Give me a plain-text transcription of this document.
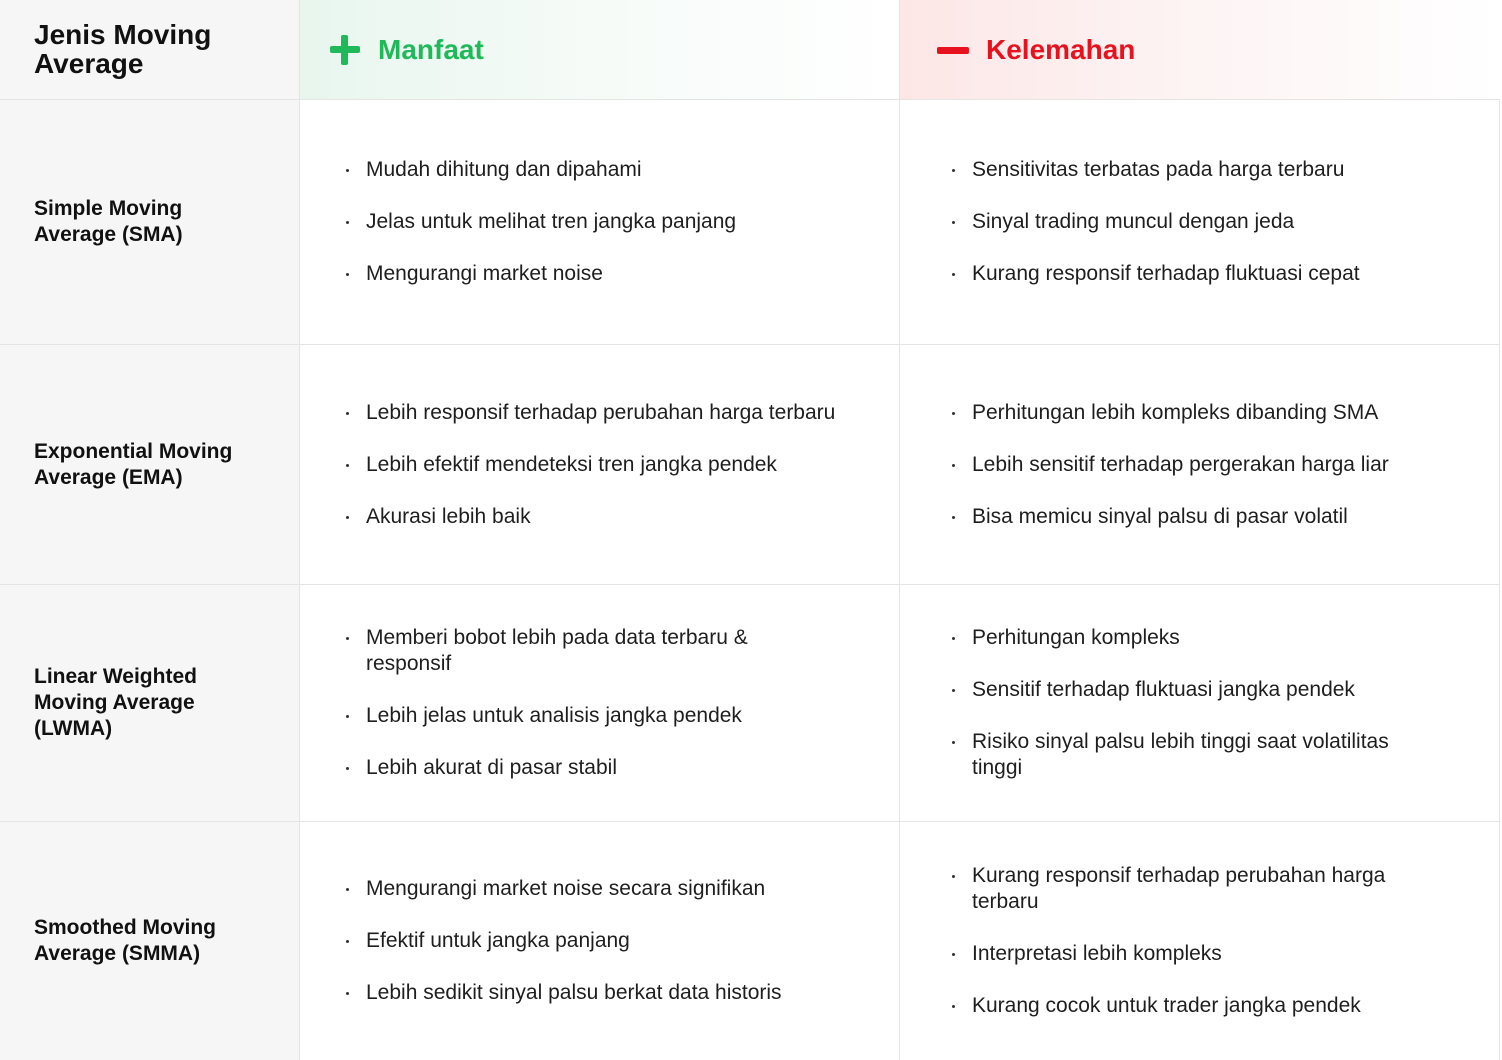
Jenis Moving Average	Manfaat	Kelemahan
Simple Moving Average (SMA)
Mudah dihitung dan dipahami
Jelas untuk melihat tren jangka panjang
Mengurangi market noise
Sensitivitas terbatas pada harga terbaru
Sinyal trading muncul dengan jeda
Kurang responsif terhadap fluktuasi cepat
Exponential Moving Average (EMA)
Lebih responsif terhadap perubahan harga terbaru
Lebih efektif mendeteksi tren jangka pendek
Akurasi lebih baik
Perhitungan lebih kompleks dibanding SMA
Lebih sensitif terhadap pergerakan harga liar
Bisa memicu sinyal palsu di pasar volatil
Linear Weighted Moving Average (LWMA)
Memberi bobot lebih pada data terbaru & responsif
Lebih jelas untuk analisis jangka pendek
Lebih akurat di pasar stabil
Perhitungan kompleks
Sensitif terhadap fluktuasi jangka pendek
Risiko sinyal palsu lebih tinggi saat volatilitas tinggi
Smoothed Moving Average (SMMA)
Mengurangi market noise secara signifikan
Efektif untuk jangka panjang
Lebih sedikit sinyal palsu berkat data historis
Kurang responsif terhadap perubahan harga terbaru
Interpretasi lebih kompleks
Kurang cocok untuk trader jangka pendek
